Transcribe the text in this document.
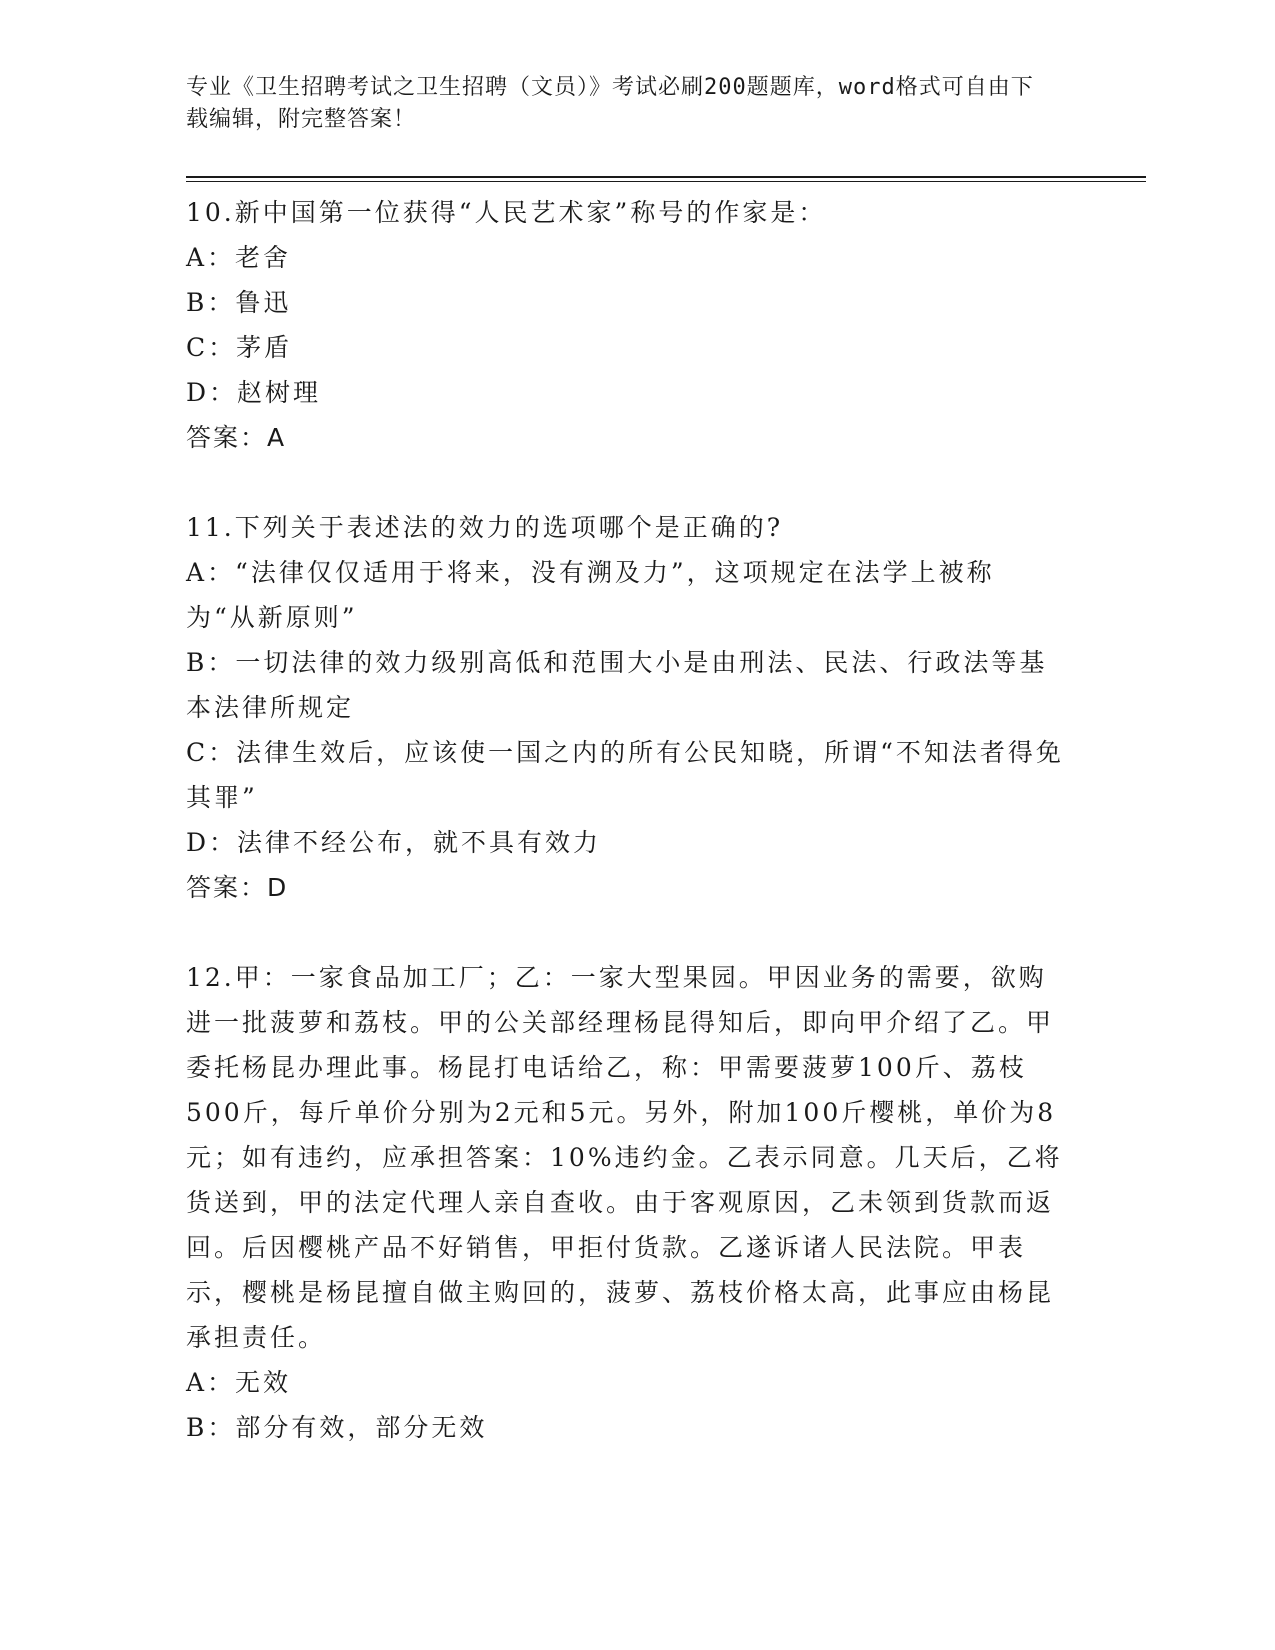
专业《卫生招聘考试之卫生招聘（文员）》考试必刷200题题库，word格式可自由下载编辑，附完整答案！

10.新中国第一位获得“人民艺术家”称号的作家是：

A：老舍

B：鲁迅

C：茅盾

D：赵树理

答案：A

11.下列关于表述法的效力的选项哪个是正确的?

A：“法律仅仅适用于将来，没有溯及力”，这项规定在法学上被称为“从新原则”

B：一切法律的效力级别高低和范围大小是由刑法、民法、行政法等基本法律所规定

C：法律生效后，应该使一国之内的所有公民知晓，所谓“不知法者得免其罪”

D：法律不经公布，就不具有效力

答案：D

12.甲：一家食品加工厂；乙：一家大型果园。甲因业务的需要，欲购进一批菠萝和荔枝。甲的公关部经理杨昆得知后，即向甲介绍了乙。甲委托杨昆办理此事。杨昆打电话给乙，称：甲需要菠萝100斤、荔枝500斤，每斤单价分别为2元和5元。另外，附加100斤樱桃，单价为8元；如有违约，应承担答案：10%违约金。乙表示同意。几天后，乙将货送到，甲的法定代理人亲自查收。由于客观原因，乙未领到货款而返回。后因樱桃产品不好销售，甲拒付货款。乙遂诉诸人民法院。甲表示，樱桃是杨昆擅自做主购回的，菠萝、荔枝价格太高，此事应由杨昆承担责任。

A：无效

B：部分有效，部分无效
